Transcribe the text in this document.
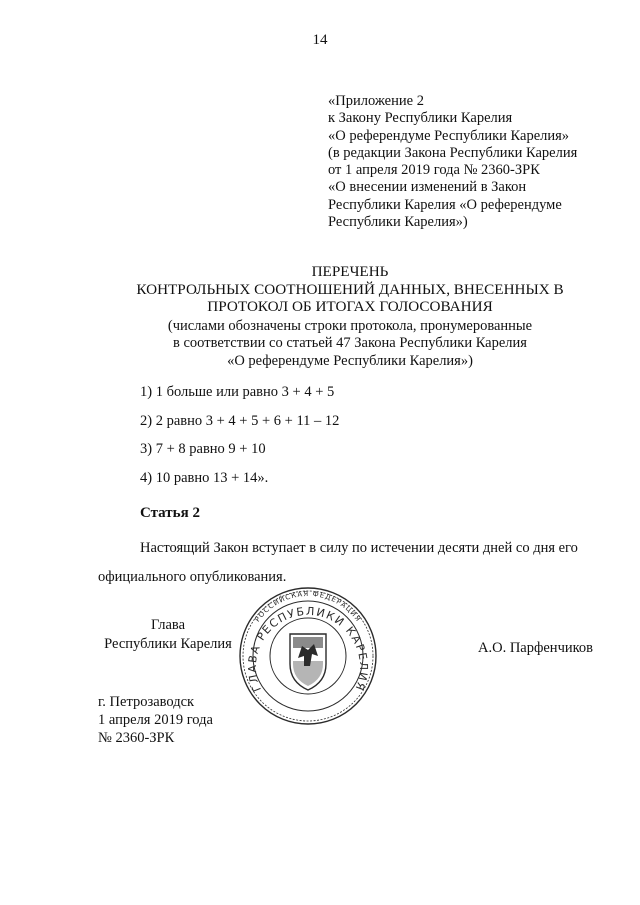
14
«Приложение 2
к Закону Республики Карелия
«О референдуме Республики Карелия»
(в редакции Закона Республики Карелия
от 1 апреля 2019 года № 2360-ЗРК
«О внесении изменений в Закон
Республики Карелия «О референдуме
Республики Карелия»)
ПЕРЕЧЕНЬ
КОНТРОЛЬНЫХ СООТНОШЕНИЙ ДАННЫХ, ВНЕСЕННЫХ В
ПРОТОКОЛ ОБ ИТОГАХ ГОЛОСОВАНИЯ
(числами обозначены строки протокола, пронумерованные
в соответствии со статьей 47 Закона Республики Карелия
«О референдуме Республики Карелия»)
1) 1 больше или равно 3 + 4 + 5
2) 2 равно 3 + 4 + 5 + 6 + 11 – 12
3) 7 + 8 равно 9 + 10
4) 10 равно 13 + 14».
Статья 2
Настоящий Закон вступает в силу по истечении десяти дней со дня его
официального опубликования.
Глава
Республики Карелия
РОССИЙСКАЯ ФЕДЕРАЦИЯ
ГЛАВА РЕСПУБЛИКИ КАРЕЛИЯ
А.О. Парфенчиков
г. Петрозаводск
1 апреля 2019 года
№ 2360-ЗРК
